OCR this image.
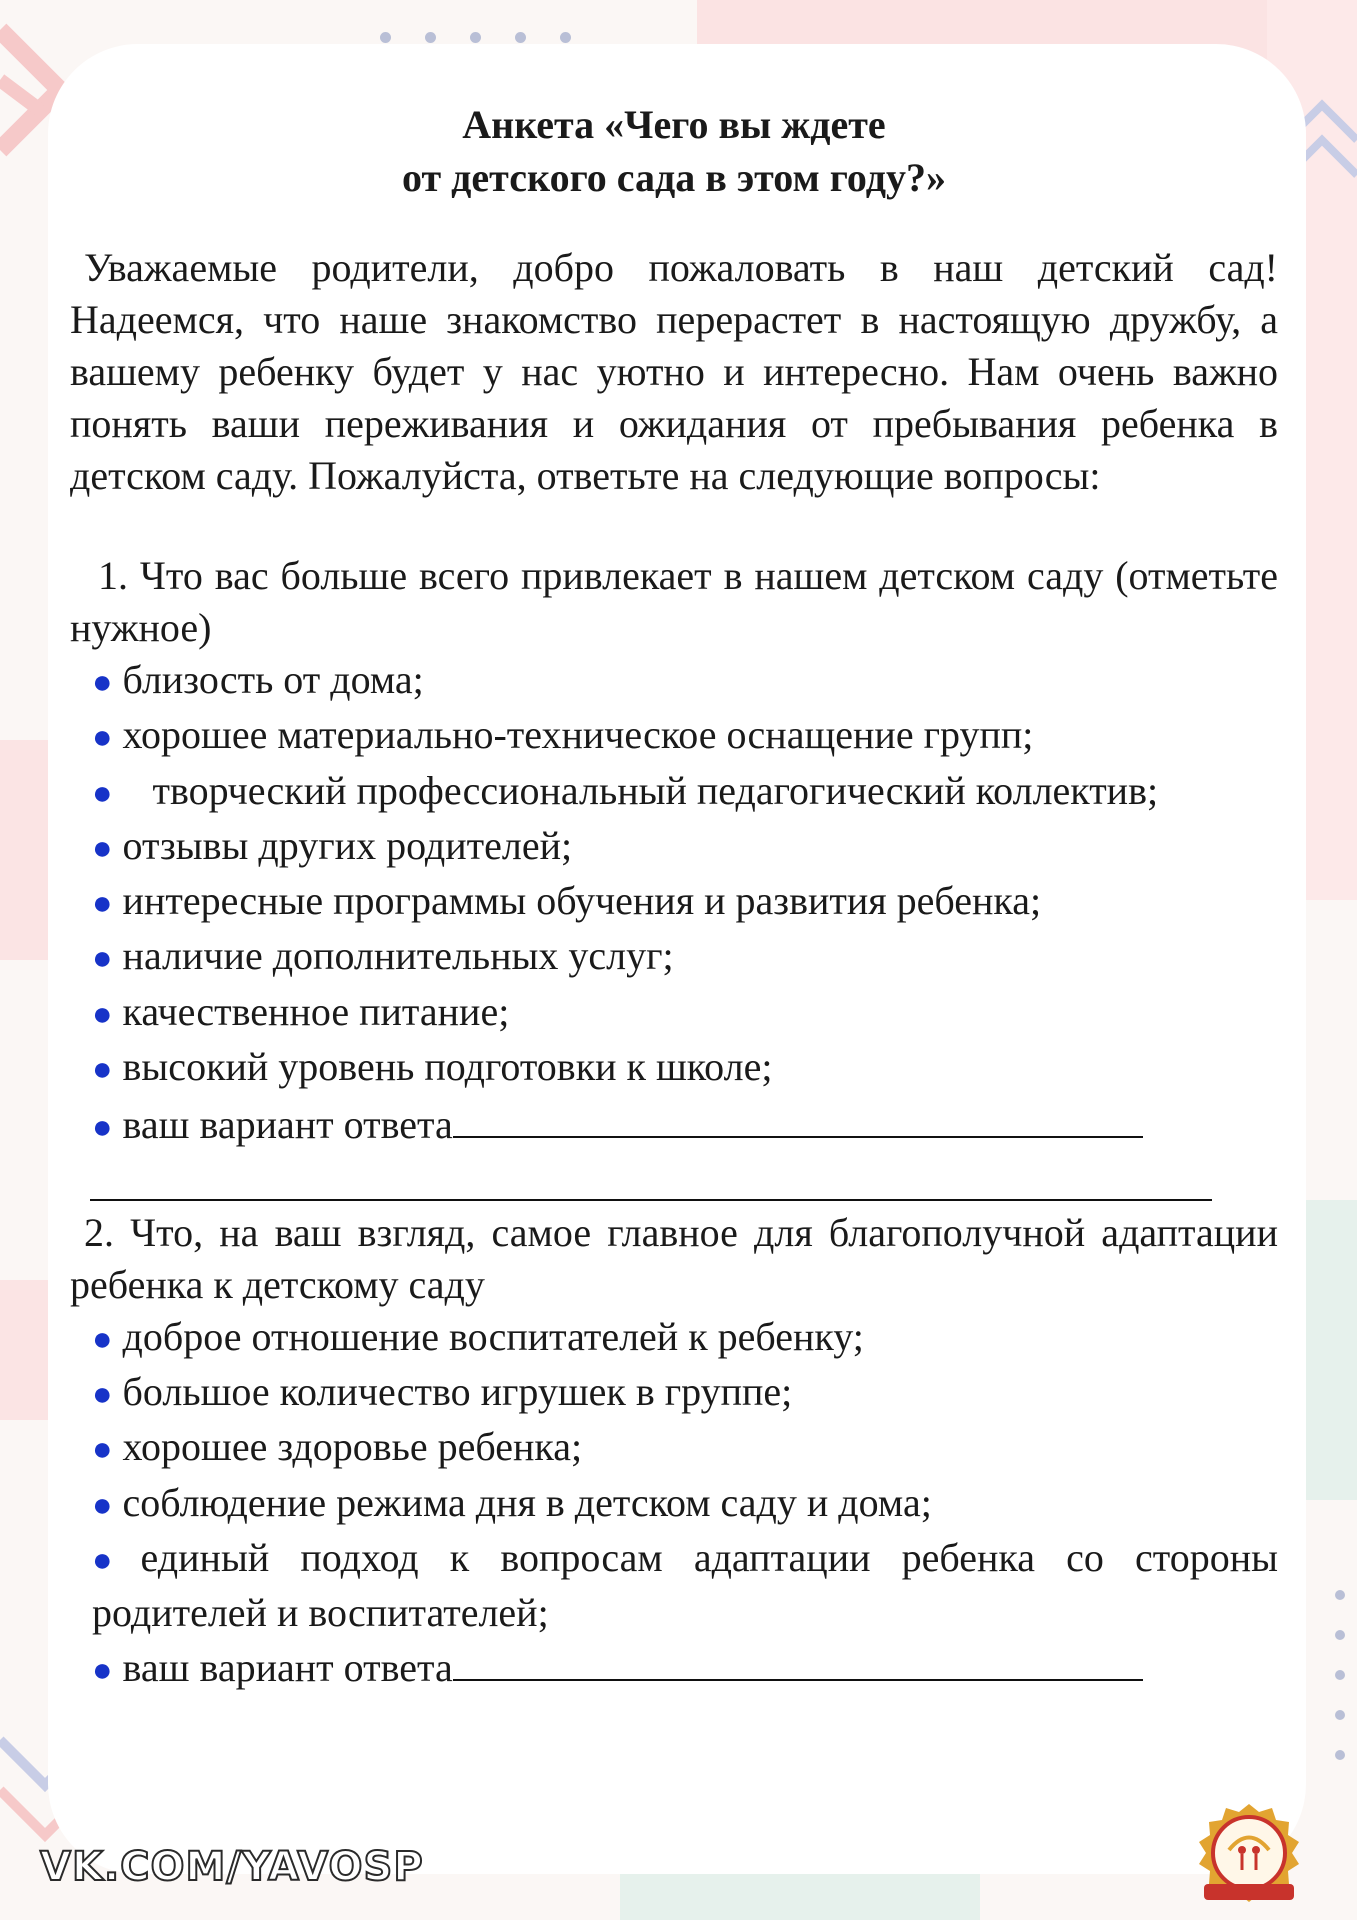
Анкета «Чего вы ждете
от детского сада в этом году?»

Уважаемые родители, добро пожаловать в наш детский сад! Надеемся, что наше знакомство перерастет в настоящую дружбу, а вашему ребенку будет у нас уютно и интересно. Нам очень важно понять ваши переживания и ожидания от пребывания ребенка в детском саду. Пожалуйста, ответьте на следующие вопросы:

1. Что вас больше всего привлекает в нашем детском саду (отметьте нужное)

● близость от дома;
● хорошее материально-техническое оснащение групп;
● творческий профессиональный педагогический коллектив;
● отзывы других родителей;
● интересные программы обучения и развития ребенка;
● наличие дополнительных услуг;
● качественное питание;
● высокий уровень подготовки к школе;
● ваш вариант ответа

2. Что, на ваш взгляд, самое главное для благополучной адаптации ребенка к детскому саду

● доброе отношение воспитателей к ребенку;
● большое количество игрушек в группе;
● хорошее здоровье ребенка;
● соблюдение режима дня в детском саду и дома;
● единый подход к вопросам адаптации ребенка со стороны родителей и воспитателей;
● ваш вариант ответа
VK.COM/YAVOSP
